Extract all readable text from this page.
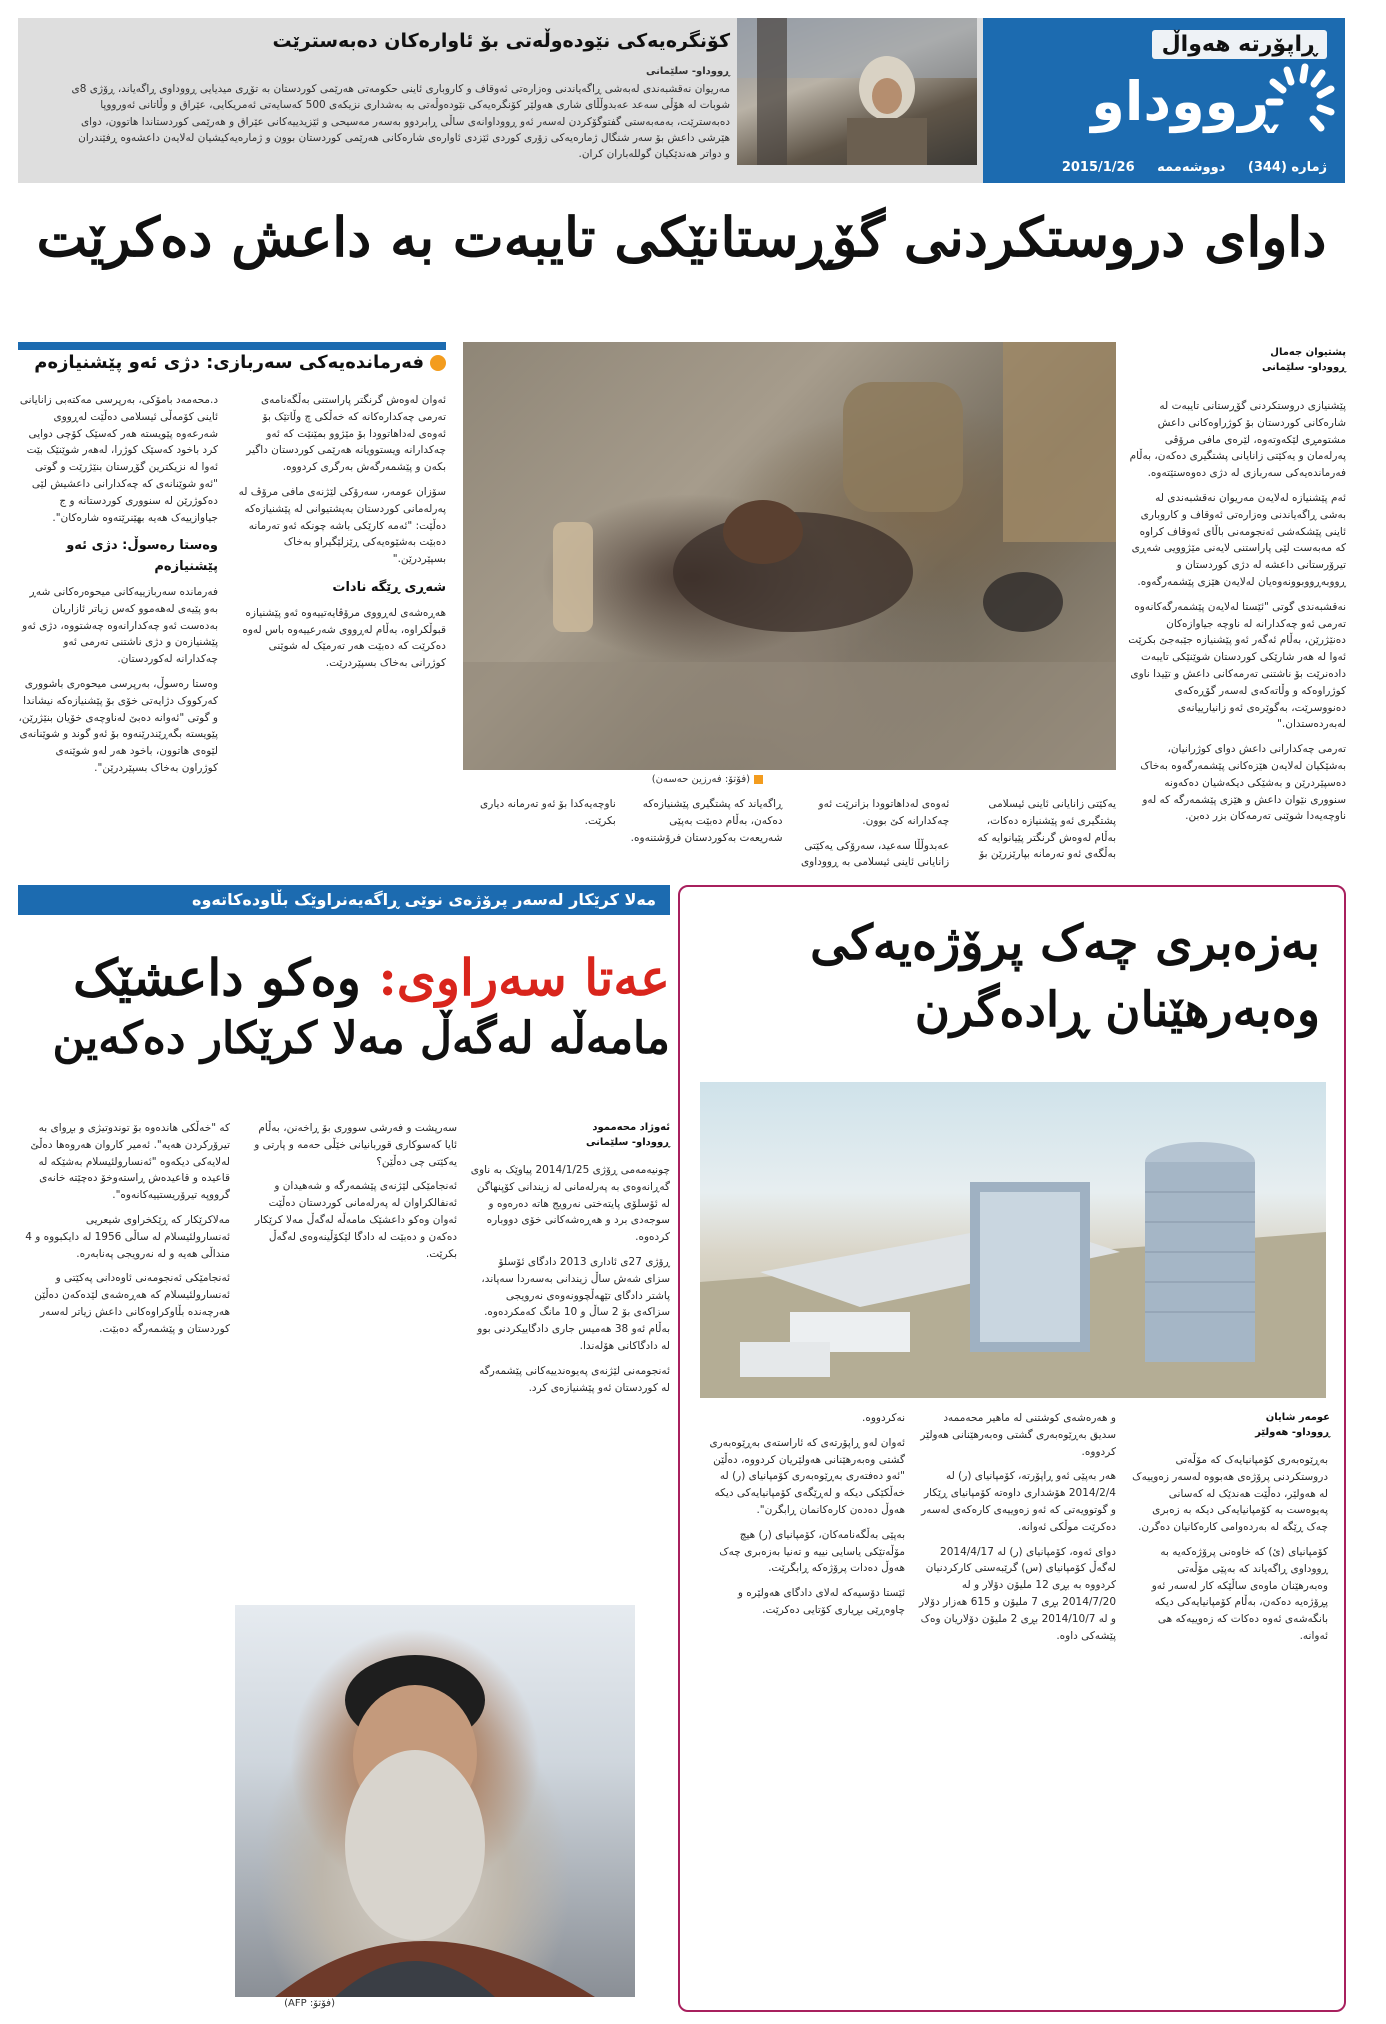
کۆنگرەیەکی نێودەوڵەتی بۆ ئاوارەکان دەبەسترێت
ڕووداو- سلێمانی
مەریوان نەقشبەندی لەبەشی ڕاگەیاندنی وەزارەتی ئەوقاف و کاروباری ئاینی حکومەتی هەرێمی کوردستان بە تۆڕی میدیایی ڕووداوی ڕاگەیاند، ڕۆژی 8ی شوبات لە هۆڵی سەعد عەبدوڵڵای شاری هەولێر کۆنگرەیەکی نێودەوڵەتی بە بەشداری نزیکەی 500 کەسایەتی ئەمریکایی، عێراق و وڵاتانی ئەورووپا دەبەسترێت، بەمەبەستی گفتوگۆکردن لەسەر ئەو ڕووداوانەی ساڵی ڕابردوو بەسەر مەسیحی و ئێزیدییەکانی عێراق و هەرێمی کوردستاندا هاتوون، دوای هێرشی داعش بۆ سەر شنگال ژمارەیەکی زۆری کوردی ئێزدی ئاوارەی شارەکانی هەرێمی کوردستان بوون و ژمارەیەکیشیان لەلایەن داعشەوە ڕفێندران و دواتر هەندێکیان گوللەباران کران.
ڕاپۆرتە هەواڵ
ڕووداو
ژمارە (344) دووشەممە 2015/1/26
داوای دروستکردنی گۆڕستانێکی تایبەت بە داعش دەکرێت
فەرماندەیەکی سەربازی: دژی ئەو پێشنیازەم

د.محەمەد بامۆکی، بەرپرسی مەکتەبی زانایانی ئاینی کۆمەڵی ئیسلامی دەڵێت لەڕووی شەرعەوە پێویستە هەر کەسێک کۆچی دوایی کرد باخود کەسێک کوژرا، لەهەر شوێنێک بێت ئەوا لە نزیکترین گۆڕستان بنێژرێت و گوتی "ئەو شوێنانەی کە چەکدارانی داعشیش لێی دەکوژرێن لە سنووری کوردستانە و ج جیاوازییەک هەیە بهێنرێتەوە شارەکان".

وەستا رەسوڵ: دژی ئەو پێشنیازەم

فەرماندە سەربازییەکانی میحوەرەکانی شەڕ بەو پێیەی لەهەموو کەس زیاتر ئازاریان بەدەست ئەو چەکدارانەوە چەشتووە، دژی ئەو پێشنیازەن و دژی ناشتنی تەرمی ئەو چەکدارانە لەکوردستان.

وەستا رەسوڵ، بەرپرسی میحوەری باشووری کەرکووک دژایەتی خۆی بۆ پێشنیازەکە نیشاندا و گوتی "ئەوانە دەبێ لەناوچەی خۆیان بنێژرێن، پێویستە بگەڕێندرێنەوە بۆ ئەو گوند و شوێنانەی لێوەی هاتوون، باخود هەر لەو شوێنەی کوژراون بەخاک بسپێردرێن".

ئەوان لەوەش گرنگتر پاراستنی بەڵگەنامەی تەرمی چەکدارەکانە کە خەڵکی چ وڵاتێک بۆ ئەوەی لەداهاتوودا بۆ مێژوو بمێنێت کە ئەو چەکدارانە ویستوویانە هەرێمی کوردستان داگیر بکەن و پێشمەرگەش بەرگری کردووە.

سۆزان عومەر، سەرۆکی لێژنەی مافی مرۆڤ لە پەرلەمانی کوردستان بەپشتیوانی لە پێشنیازەکە دەڵێت: "ئەمە کارێکی باشە چونکە ئەو تەرمانە دەبێت بەشێوەیەکی ڕێزلێگیراو بەخاک بسپێردرێن."

شەڕی ڕێگە نادات

هەڕەشەی لەڕووی مرۆڤایەتییەوە ئەو پێشنیازە قبوڵکراوە، بەڵام لەڕووی شەرعییەوە باس لەوە دەکرێت کە دەبێت هەر تەرمێک لە شوێنی کوژرانی بەخاک بسپێردرێت.

(فۆتۆ: فەرزین حەسەن)
پشتیوان جەمال
ڕووداو- سلێمانی

پێشنیازی دروستکردنی گۆڕستانی تایبەت لە شارەکانی کوردستان بۆ کوژراوەکانی داعش مشتومڕی لێکەوتەوە، لێرەی مافی مرۆڤی پەرلەمان و یەکێتی زانایانی پشتگیری دەکەن، بەڵام فەرماندەیەکی سەربازی لە دژی دەوەستێتەوە.

ئەم پێشنیازە لەلایەن مەریوان نەقشبەندی لە بەشی ڕاگەیاندنی وەزارەتی ئەوقاف و کاروباری ئاینی پێشکەشی ئەنجومەنی باڵای ئەوقاف کراوە کە مەبەست لێی پاراستنی لایەنی مێژوویی شەڕی تیرۆرستانی داعشە لە دژی کوردستان و ڕووبەڕووبوونەوەیان لەلایەن هێزی پێشمەرگەوە.

نەقشبەندی گوتی "ئێستا لەلایەن پێشمەرگەکانەوە تەرمی ئەو چەکدارانە لە ناوچە جیاوازەکان دەنێژرێن، بەڵام ئەگەر ئەو پێشنیازە جێبەجێ بکرێت ئەوا لە هەر شارێکی کوردستان شوێنێکی تایبەت دادەنرێت بۆ ناشتنی تەرمەکانی داعش و تێیدا ناوی کوژراوەکە و وڵاتەکەی لەسەر گۆڕەکەی دەنووسرێت، بەگوێرەی ئەو زانیارییانەی لەبەردەستدان."

تەرمی چەکدارانی داعش دوای کوژرانیان، بەشێکیان لەلایەن هێزەکانی پێشمەرگەوە بەخاک دەسپێردرێن و بەشێکی دیکەشیان دەکەونە سنووری نێوان داعش و هێزی پێشمەرگە کە لەو ناوچەیەدا شوێنی تەرمەکان بزر دەبن.

یەکێتی زانایانی ئاینی ئیسلامی پشتگیری ئەو پێشنیازە دەکات، بەڵام لەوەش گرنگتر پێیانوایە کە بەڵگەی ئەو تەرمانە بپارێزرێن بۆ ئەوەی لەداهاتوودا بزانرێت ئەو چەکدارانە کێ بوون.

عەبدوڵڵا سەعید، سەرۆکی یەکێتی زانایانی ئاینی ئیسلامی بە ڕووداوی ڕاگەیاند کە پشتگیری پێشنیازەکە دەکەن، بەڵام دەبێت بەپێی شەریعەت بەکوردستان فرۆشتنەوە.

ناوچەیەکدا بۆ ئەو تەرمانە دیاری بکرێت.

مەلا کرێکار لەسەر پرۆژەی نوێی ڕاگەیەنراوێک بڵاودەکاتەوە
عەتا سەراوی: وەکو داعشێک
مامەڵە لەگەڵ مەلا کرێکار دەکەین
ئەوژاد محەممود
ڕووداو- سلێمانی

چونیەمەمی ڕۆژی 2014/1/25 پیاوێک بە ناوی گەڕانەوەی بە پەرلەمانی لە زیندانی کۆپنهاگن لە ئۆسلۆی پایتەختی نەرویج هاتە دەرەوە و سوجەدی برد و هەڕەشەکانی خۆی دووبارە کردەوە.

ڕۆژی 27ی ئاداری 2013 دادگای ئۆسلۆ سزای شەش ساڵ زیندانی بەسەردا سەپاند، پاشتر دادگای تێهەڵچوونەوەی نەرویجی سزاکەی بۆ 2 ساڵ و 10 مانگ کەمکردەوە. بەڵام ئەو 38 هەمیس جاری دادگاییکردنی بوو لە دادگاکانی هۆلەندا.

ئەنجومەنی لێژنەی پەیوەندییەکانی پێشمەرگە لە کوردستان ئەو پێشنیازەی کرد.

سەرپشت و فەرشی سووری بۆ ڕاخەنن، بەڵام ئایا کەسوکاری قوربانیانی خێڵی حەمە و پارتی و یەکێتی چی دەڵێن؟

ئەنجامێکی لێژنەی پێشمەرگە و شەهیدان و ئەنفالکراوان لە پەرلەمانی کوردستان دەڵێت ئەوان وەکو داعشێک مامەڵە لەگەڵ مەلا کرێکار دەکەن و دەبێت لە دادگا لێکۆڵینەوەی لەگەڵ بکرێت.

کە "خەڵکی هاندەوە بۆ توندوتیژی و بڕوای بە تیرۆرکردن هەیە". ئەمیر کاروان هەروەها دەڵێ لەلایەکی دیکەوە "ئەنسارولئیسلام بەشێکە لە قاعیدە و قاعیدەش ڕاستەوخۆ دەچێتە خانەی گرووپە تیرۆریستییەکانەوە".

مەلاکرێکار کە ڕێکخراوی شیعریی ئەنسارولئیسلام لە ساڵی 1956 لە دایکبووە و 4 منداڵی هەیە و لە نەرویجی پەنابەرە.

ئەنجامێکی ئەنجومەنی ئاوەدانی پەکێتی و ئەنسارولئیسلام کە هەڕەشەی لێدەکەن دەڵێن هەرچەندە بڵاوکراوەکانی داعش زیاتر لەسەر کوردستان و پێشمەرگە دەبێت.

(فۆتۆ: AFP)
بەزەبری چەک پرۆژەیەکی
وەبەرهێنان ڕادەگرن
عومەر شایان
ڕووداو- هەولێر

بەڕێوەبەری کۆمپانیایەک کە مۆڵەتی دروستکردنی پرۆژەی هەبووە لەسەر زەوییەک لە هەولێر، دەڵێت هەندێک لە کەسانی پەیوەست بە کۆمپانیایەکی دیکە بە زەبری چەک ڕێگە لە بەردەوامی کارەکانیان دەگرن.

کۆمپانیای (ئ) کە خاوەنی پرۆژەکەیە بە ڕووداوی ڕاگەیاند کە بەپێی مۆڵەتی وەبەرهێنان ماوەی ساڵێکە کار لەسەر ئەو پڕۆژەیە دەکەن، بەڵام کۆمپانیایەکی دیکە بانگەشەی ئەوە دەکات کە زەوییەکە هی ئەوانە.

و هەرەشەی کوشتنی لە ماهیر محەممەد سدیق بەڕێوەبەری گشتی وەبەرهێنانی هەولێر کردووە.

هەر بەپێی ئەو ڕاپۆرتە، کۆمپانیای (ر) لە 2014/2/4 هۆشداری داوەتە کۆمپانیای ڕێکار و گوتوویەتی کە ئەو زەوییەی کارەکەی لەسەر دەکرێت موڵکی ئەوانە.

دوای ئەوە، کۆمپانیای (ر) لە 2014/4/17 لەگەڵ کۆمپانیای (س) گرێبەستی کارکردنیان کردووە بە بڕی 12 ملیۆن دۆلار و لە 2014/7/20 بڕی 7 ملیۆن و 615 هەزار دۆلار و لە 2014/10/7 بڕی 2 ملیۆن دۆلاریان وەک پێشەکی داوە.

نەکردووە.

ئەوان لەو ڕاپۆرتەی کە ئاراستەی بەڕێوەبەری گشتی وەبەرهێنانی هەولێریان کردووە، دەڵێن "ئەو دەفتەری بەڕێوەبەری کۆمپانیای (ر) لە خەڵکێکی دیکە و لەڕێگەی کۆمپانیایەکی دیکە هەوڵ دەدەن کارەکانمان ڕابگرن".

بەپێی بەڵگەنامەکان، کۆمپانیای (ر) هیچ مۆڵەتێکی یاسایی نییە و تەنیا بەزەبری چەک هەوڵ دەدات پرۆژەکە ڕابگرێت.

ئێستا دۆسیەکە لەلای دادگای هەولێرە و چاوەڕێی بڕیاری کۆتایی دەکرێت.
